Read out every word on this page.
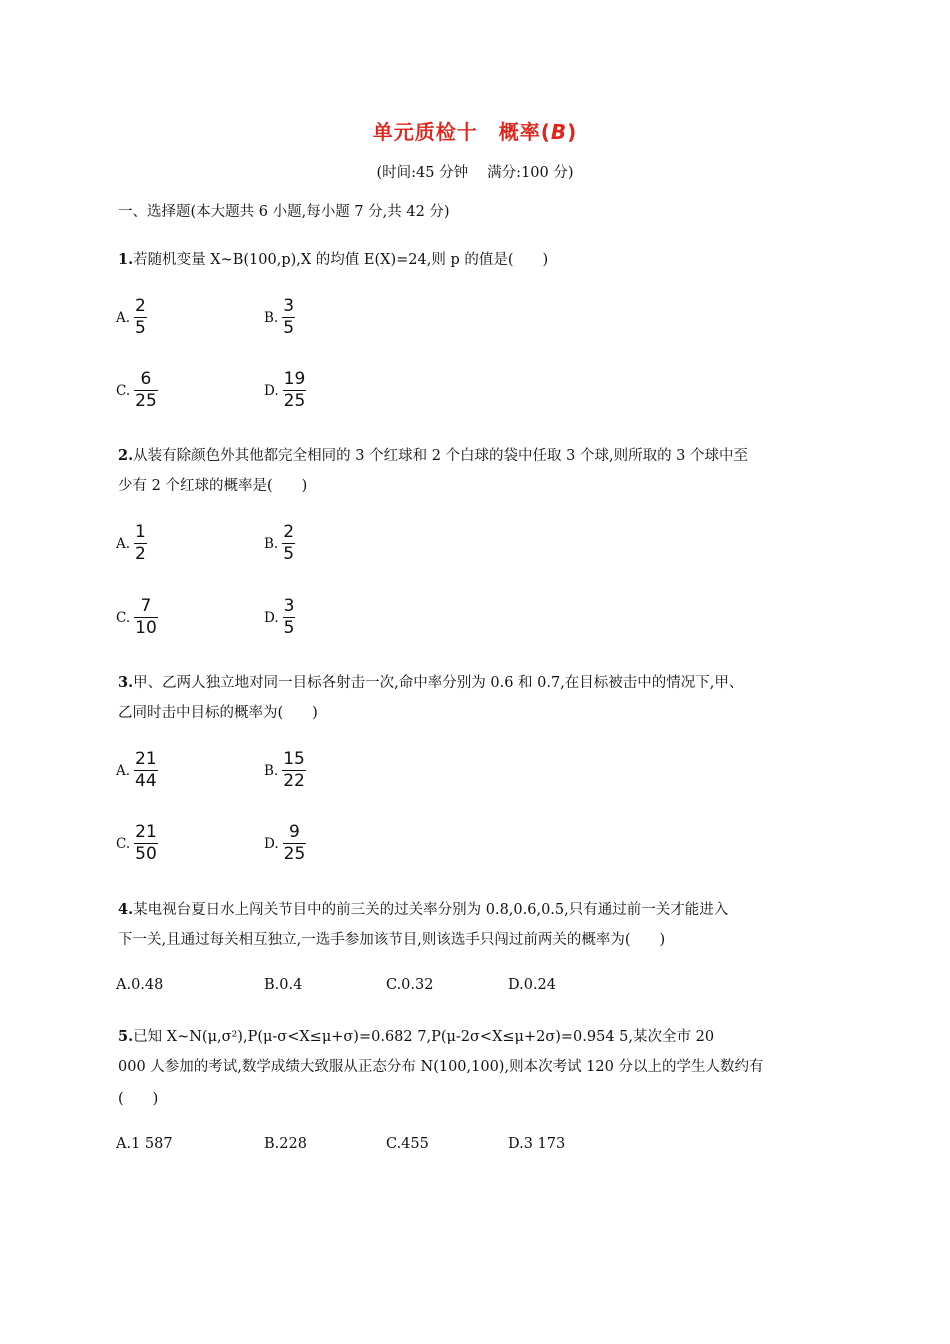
单元质检十　概率(B)
(时间:45 分钟　 满分:100 分)
一、选择题(本大题共 6 小题,每小题 7 分,共 42 分)
1.若随机变量 X~B(100,p),X 的均值 E(X)=24,则 p 的值是(　　)
A. $\frac{2}{5}$	B. $\frac{3}{5}$
C. $\frac{6}{25}$	D. $\frac{19}{25}$
2.从装有除颜色外其他都完全相同的 3 个红球和 2 个白球的袋中任取 3 个球,则所取的 3 个球中至
少有 2 个红球的概率是(　　)
A. $\frac{1}{2}$	B. $\frac{2}{5}$
C. $\frac{7}{10}$	D. $\frac{3}{5}$
3.甲、乙两人独立地对同一目标各射击一次,命中率分别为 0.6 和 0.7,在目标被击中的情况下,甲、
乙同时击中目标的概率为(　　)
A. $\frac{21}{44}$	B. $\frac{15}{22}$
C. $\frac{21}{50}$	D. $\frac{9}{25}$
4.某电视台夏日水上闯关节目中的前三关的过关率分别为 0.8,0.6,0.5,只有通过前一关才能进入
下一关,且通过每关相互独立,一选手参加该节目,则该选手只闯过前两关的概率为(　　)
A.0.48	B.0.4	C.0.32	D.0.24
5.已知 X~N(μ,σ²),P(μ-σ<X≤μ+σ)=0.682 7,P(μ-2σ<X≤μ+2σ)=0.954 5,某次全市 20
000 人参加的考试,数学成绩大致服从正态分布 N(100,100),则本次考试 120 分以上的学生人数约有
(　　)
A.1 587	B.228	C.455	D.3 173
